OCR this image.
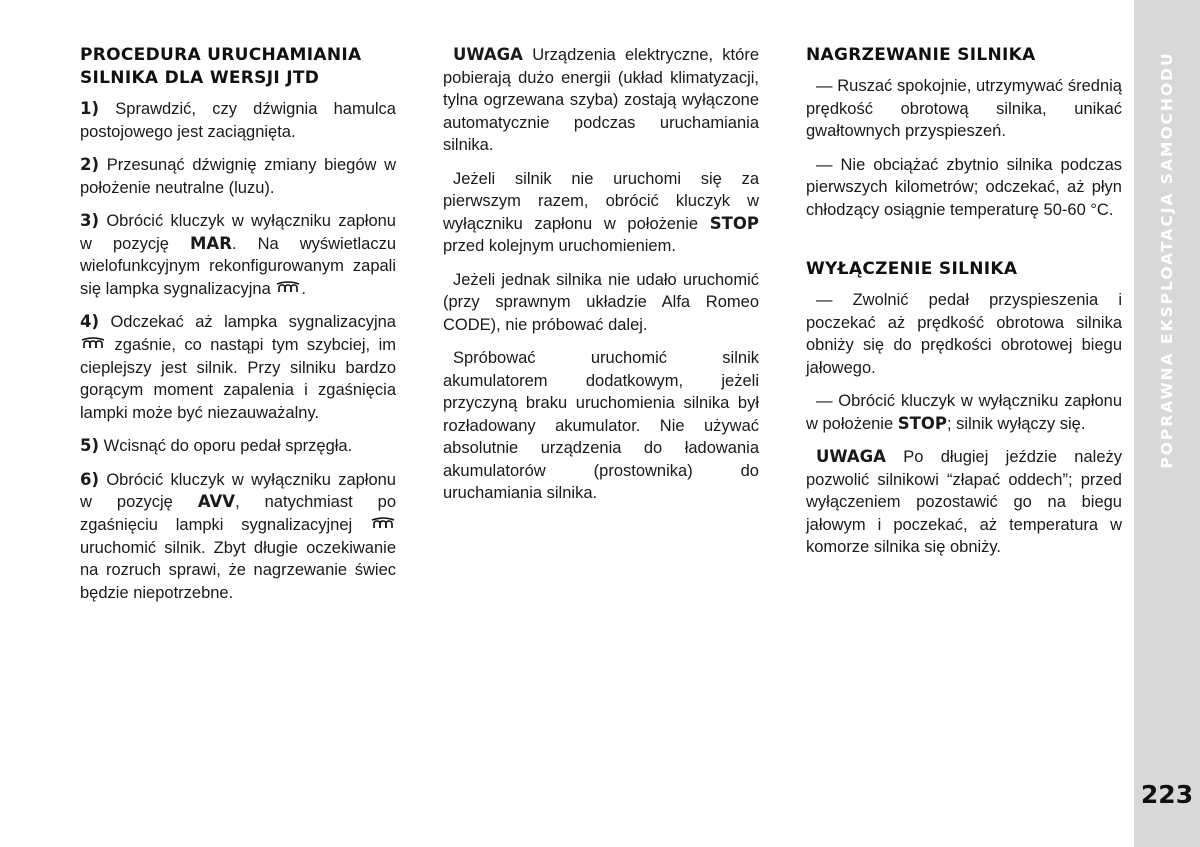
PROCEDURA URUCHAMIANIA SILNIKA DLA WERSJI JTD

1) Sprawdzić, czy dźwignia hamulca postojowego jest zaciągnięta.

2) Przesunąć dźwignię zmiany biegów w położenie neutralne (luzu).

3) Obrócić kluczyk w wyłączniku zapłonu w pozycję MAR. Na wyświetlaczu wielofunkcyjnym rekonfigurowanym zapali się lampka sygnalizacyjna .

4) Odczekać aż lampka sygnalizacyjna  zgaśnie, co nastąpi tym szybciej, im cieplejszy jest silnik. Przy silniku bardzo gorącym moment zapalenia i zgaśnięcia lampki może być niezauważalny.

5) Wcisnąć do oporu pedał sprzęgła.

6) Obrócić kluczyk w wyłączniku zapłonu w pozycję AVV, natychmiast po zgaśnięciu lampki sygnalizacyjnej  uruchomić silnik. Zbyt długie oczekiwanie na rozruch sprawi, że nagrzewanie świec będzie niepotrzebne.

UWAGA Urządzenia elektryczne, które pobierają dużo energii (układ klimatyzacji, tylna ogrzewana szyba) zostają wyłączone automatycznie podczas uruchamiania silnika.

Jeżeli silnik nie uruchomi się za pierwszym razem, obrócić kluczyk w wyłączniku zapłonu w położenie STOP przed kolejnym uruchomieniem.

Jeżeli jednak silnika nie udało uruchomić (przy sprawnym układzie Alfa Romeo CODE), nie próbować dalej.

Spróbować uruchomić silnik akumulatorem dodatkowym, jeżeli przyczyną braku uruchomienia silnika był rozładowany akumulator. Nie używać absolutnie urządzenia do ładowania akumulatorów (prostownika) do uruchamiania silnika.

NAGRZEWANIE SILNIKA

— Ruszać spokojnie, utrzymywać średnią prędkość obrotową silnika, unikać gwałtownych przyspieszeń.

— Nie obciążać zbytnio silnika podczas pierwszych kilometrów; odczekać, aż płyn chłodzący osiągnie temperaturę 50-60 °C.

WYŁĄCZENIE SILNIKA

— Zwolnić pedał przyspieszenia i poczekać aż prędkość obrotowa silnika obniży się do prędkości obrotowej biegu jałowego.

— Obrócić kluczyk w wyłączniku zapłonu w położenie STOP; silnik wyłączy się.

UWAGA Po długiej jeździe należy pozwolić silnikowi “złapać oddech”; przed wyłączeniem pozostawić go na biegu jałowym i poczekać, aż temperatura w komorze silnika się obniży.

POPRAWNA EKSPLOATACJA SAMOCHODU
223
